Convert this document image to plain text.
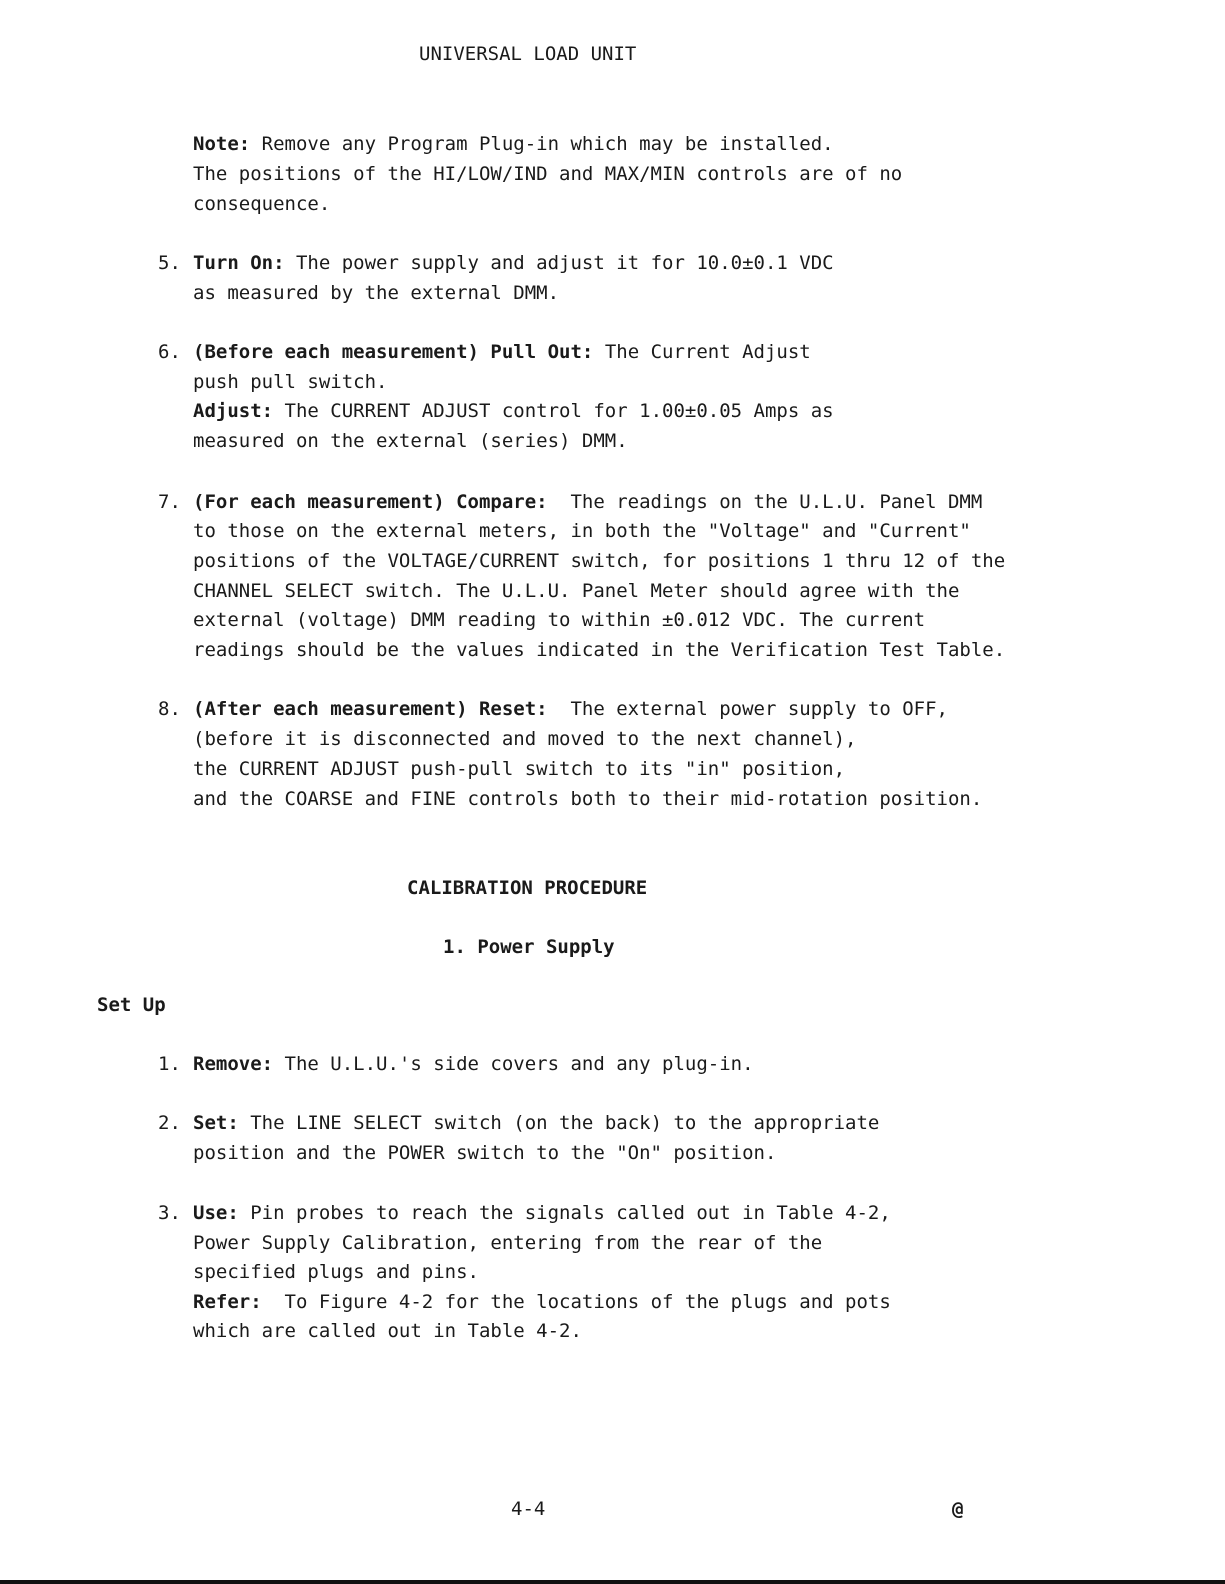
UNIVERSAL LOAD UNIT
Note: Remove any Program Plug-in which may be installed.
The positions of the HI/LOW/IND and MAX/MIN controls are of no
consequence.
5. Turn On: The power supply and adjust it for 10.0±0.1 VDC
as measured by the external DMM.
6. (Before each measurement) Pull Out: The Current Adjust
push pull switch.
Adjust: The CURRENT ADJUST control for 1.00±0.05 Amps as
measured on the external (series) DMM.
7. (For each measurement) Compare:  The readings on the U.L.U. Panel DMM
to those on the external meters, in both the "Voltage" and "Current"
positions of the VOLTAGE/CURRENT switch, for positions 1 thru 12 of the
CHANNEL SELECT switch. The U.L.U. Panel Meter should agree with the
external (voltage) DMM reading to within ±0.012 VDC. The current
readings should be the values indicated in the Verification Test Table.
8. (After each measurement) Reset:  The external power supply to OFF,
(before it is disconnected and moved to the next channel),
the CURRENT ADJUST push-pull switch to its "in" position,
and the COARSE and FINE controls both to their mid-rotation position.
CALIBRATION PROCEDURE
1. Power Supply
Set Up
1. Remove: The U.L.U.'s side covers and any plug-in.
2. Set: The LINE SELECT switch (on the back) to the appropriate
position and the POWER switch to the "On" position.
3. Use: Pin probes to reach the signals called out in Table 4-2,
Power Supply Calibration, entering from the rear of the
specified plugs and pins.
Refer:  To Figure 4-2 for the locations of the plugs and pots
which are called out in Table 4-2.
4-4	@
